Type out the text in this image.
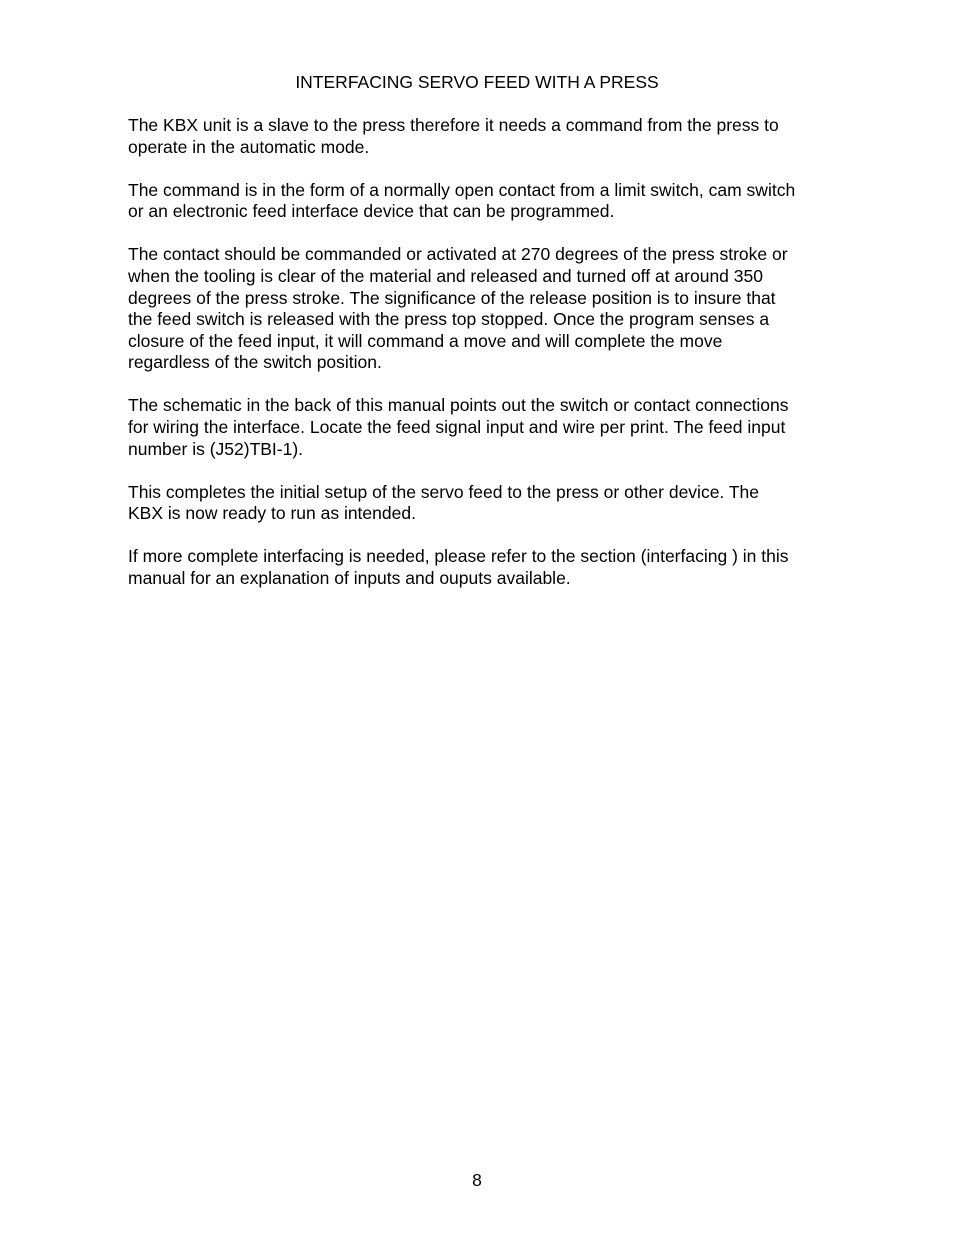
INTERFACING SERVO FEED WITH A PRESS

The KBX unit is a slave to the press therefore it needs a command from the press to
operate in the automatic mode.

The command is in the form of a normally open contact from a limit switch, cam switch
or an electronic feed interface device that can be programmed.

The contact should be commanded or activated at 270 degrees of the press stroke or
when the tooling is clear of the material and released and turned off at around 350
degrees of the press stroke. The significance of the release position is to insure that
the feed switch is released with the press top stopped. Once the program senses a
closure of the feed input, it will command a move and will complete the move
regardless of the switch position.

The schematic in the back of this manual points out the switch or contact connections
for wiring the interface. Locate the feed signal input and wire per print. The feed input
number is (J52)TBI-1).

This completes the initial setup of the servo feed to the press or other device. The
KBX is now ready to run as intended.

If more complete interfacing is needed, please refer to the section (interfacing ) in this
manual for an explanation of inputs and ouputs available.

8
